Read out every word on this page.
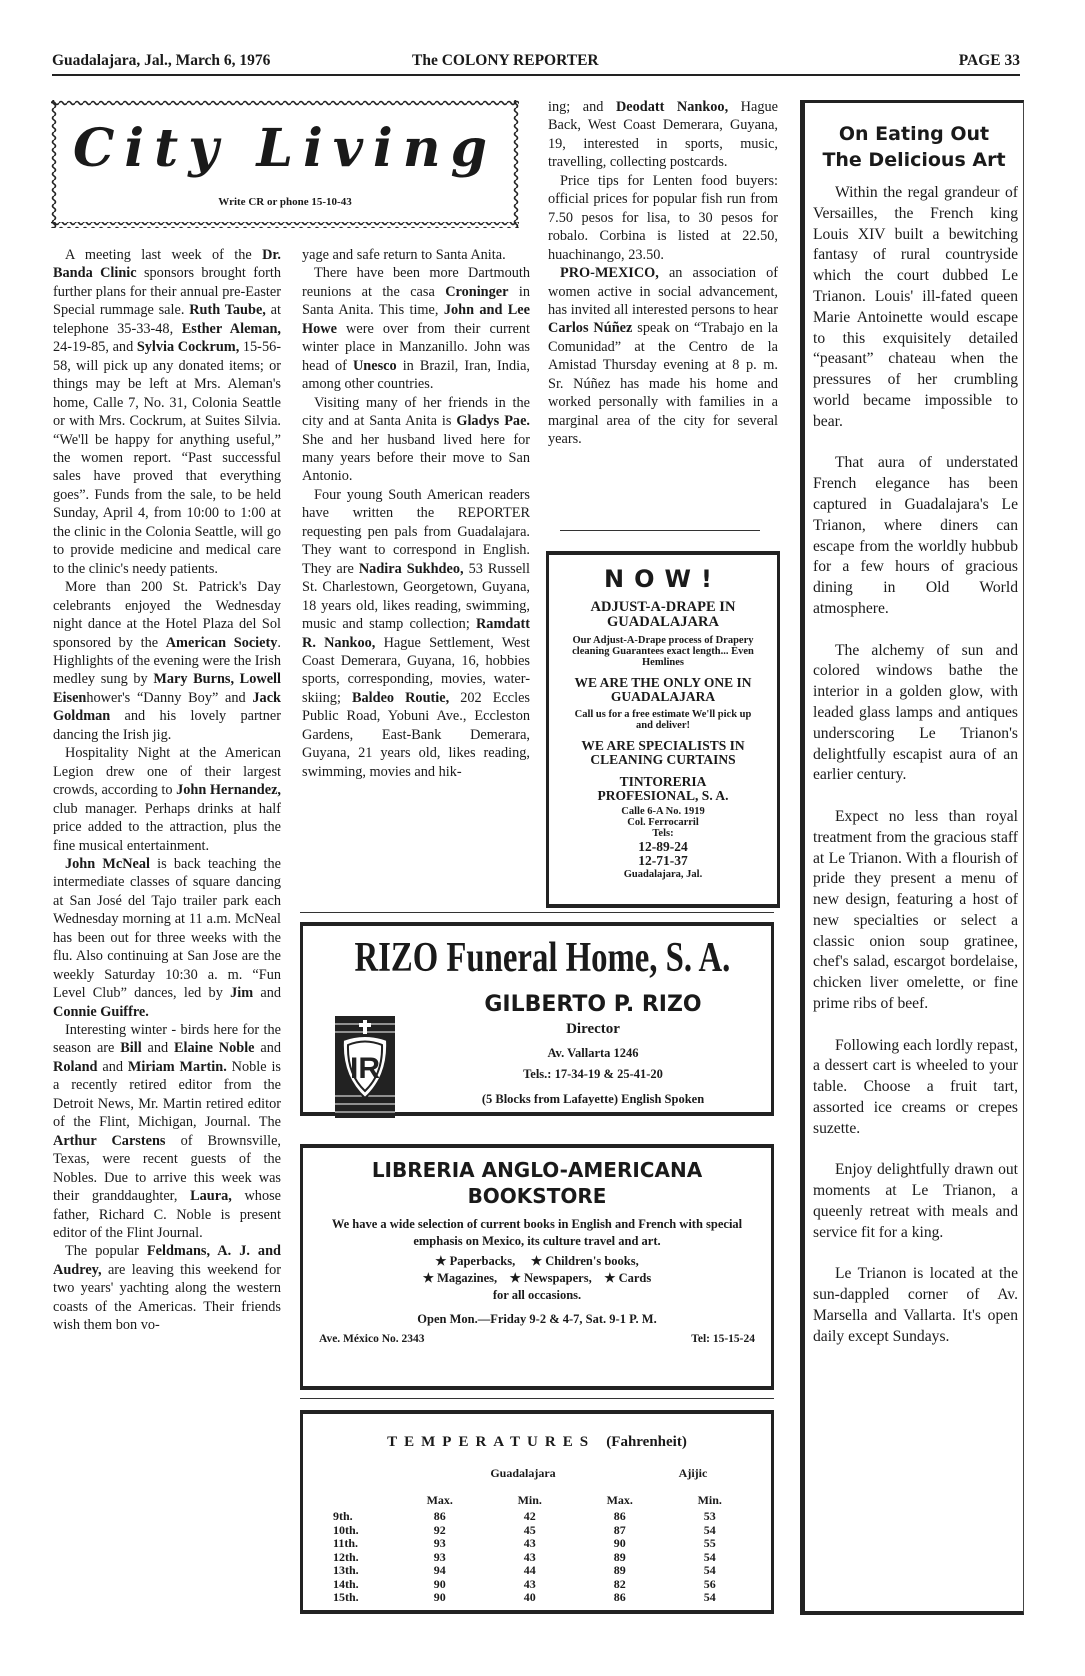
Guadalajara, Jal., March 6, 1976	The COLONY REPORTER	PAGE 33
City Living
Write CR or phone 15-10-43

A meeting last week of the Dr. Banda Clinic sponsors brought forth further plans for their annual pre-Easter Special rummage sale. Ruth Taube, at telephone 35-33-48, Esther Aleman, 24-19-85, and Sylvia Cockrum, 15-56-58, will pick up any donated items; or things may be left at Mrs. Aleman's home, Calle 7, No. 31, Colonia Seattle or with Mrs. Cockrum, at Suites Silvia. “We'll be happy for anything useful,” the women report. “Past successful sales have proved that everything goes”. Funds from the sale, to be held Sunday, April 4, from 10:00 to 1:00 at the clinic in the Colonia Seattle, will go to provide medicine and medical care to the clinic's needy patients.

More than 200 St. Patrick's Day celebrants enjoyed the Wednesday night dance at the Hotel Plaza del Sol sponsored by the American Society. Highlights of the evening were the Irish medley sung by Mary Burns, Lowell Eisenhower's “Danny Boy” and Jack Goldman and his lovely partner dancing the Irish jig.

Hospitality Night at the American Legion drew one of their largest crowds, according to John Hernandez, club manager. Perhaps drinks at half price added to the attraction, plus the fine musical entertainment.

John McNeal is back teaching the intermediate classes of square dancing at San José del Tajo trailer park each Wednesday morning at 11 a.m. McNeal has been out for three weeks with the flu. Also continuing at San Jose are the weekly Saturday 10:30 a. m. “Fun Level Club” dances, led by Jim and Connie Guiffre.

Interesting winter - birds here for the season are Bill and Elaine Noble and Roland and Miriam Martin. Noble is a recently retired editor from the Detroit News, Mr. Martin retired editor of the Flint, Michigan, Journal. The Arthur Carstens of Brownsville, Texas, were recent guests of the Nobles. Due to arrive this week was their granddaughter, Laura, whose father, Richard C. Noble is present editor of the Flint Journal.

The popular Feldmans, A. J. and Audrey, are leaving this weekend for two years' yachting along the western coasts of the Americas. Their friends wish them bon vo-

yage and safe return to Santa Anita.

There have been more Dartmouth reunions at the casa Croninger in Santa Anita. This time, John and Lee Howe were over from their current winter place in Manzanillo. John was head of Unesco in Brazil, Iran, India, among other countries.

Visiting many of her friends in the city and at Santa Anita is Gladys Pae. She and her husband lived here for many years before their move to San Antonio.

Four young South American readers have written the REPORTER requesting pen pals from Guadalajara. They want to correspond in English. They are Nadira Sukhdeo, 53 Russell St. Charlestown, Georgetown, Guyana, 18 years old, likes reading, swimming, music and stamp collection; Ramdatt R. Nankoo, Hague Settlement, West Coast Demerara, Guyana, 16, hobbies sports, corresponding, movies, water-skiing; Baldeo Routie, 202 Eccles Public Road, Yobuni Ave., Eccleston Gardens, East-Bank Demerara, Guyana, 21 years old, likes reading, swimming, movies and hik-

ing; and Deodatt Nankoo, Hague Back, West Coast Demerara, Guyana, 19, interested in sports, music, travelling, collecting postcards.

Price tips for Lenten food buyers: official prices for popular fish run from 7.50 pesos for lisa, to 30 pesos for robalo. Corbina is listed at 22.50, huachinango, 23.50.

PRO-MEXICO, an association of women active in social advancement, has invited all interested persons to hear Carlos Núñez speak on “Trabajo en la Comunidad” at the Centro de la Amistad Thursday evening at 8 p. m. Sr. Núñez has made his home and worked personally with families in a marginal area of the city for several years.

NOW!
ADJUST-A-DRAPE IN GUADALAJARA
Our Adjust-A-Drape process of Drapery cleaning Guarantees exact length... Even Hemlines
WE ARE THE ONLY ONE IN GUADALAJARA
Call us for a free estimate We'll pick up and deliver!
WE ARE SPECIALISTS IN CLEANING CURTAINS
TINTORERIA PROFESIONAL, S. A.
Calle 6-A No. 1919
Col. Ferrocarril
Tels:
12-89-24
12-71-37
Guadalajara, Jal.
RIZO Funeral Home, S. A.
IR
GILBERTO P. RIZO
Director
Av. Vallarta 1246
Tels.: 17-34-19 & 25-41-20
(5 Blocks from Lafayette) English Spoken
LIBRERIA ANGLO-AMERICANA
BOOKSTORE
We have a wide selection of current books in English and French with special emphasis on Mexico, its culture travel and art.
★ Paperbacks, ★ Children's books,
★ Magazines, ★ Newspapers, ★ Cards
for all occasions.
Open Mon.—Friday 9-2 & 4-7, Sat. 9-1 P. M.
Ave. México No. 2343	Tel: 15-15-24
TEMPERATURES (Fahrenheit)
Guadalajara	Ajijic
	Max.	Min.	Max.	Min.
9th.	86	42	86	53
10th.	92	45	87	54
11th.	93	43	90	55
12th.	93	43	89	54
13th.	94	44	89	54
14th.	90	43	82	56
15th.	90	40	86	54
On Eating Out
The Delicious Art

Within the regal grandeur of Versailles, the French king Louis XIV built a bewitching fantasy of rural countryside which the court dubbed Le Trianon. Louis' ill-fated queen Marie Antoinette would escape to this exquisitely detailed “peasant” chateau when the pressures of her crumbling world became impossible to bear.

That aura of understated French elegance has been captured in Guadalajara's Le Trianon, where diners can escape from the worldly hubbub for a few hours of gracious dining in Old World atmosphere.

The alchemy of sun and colored windows bathe the interior in a golden glow, with leaded glass lamps and antiques underscoring Le Trianon's delightfully escapist aura of an earlier century.

Expect no less than royal treatment from the gracious staff at Le Trianon. With a flourish of pride they present a menu of new design, featuring a host of new specialties or select a classic onion soup gratinee, chef's salad, escargot bordelaise, chicken liver omelette, or fine prime ribs of beef.

Following each lordly repast, a dessert cart is wheeled to your table. Choose a fruit tart, assorted ice creams or crepes suzette.

Enjoy delightfully drawn out moments at Le Trianon, a queenly retreat with meals and service fit for a king.

Le Trianon is located at the sun-dappled corner of Av. Marsella and Vallarta. It's open daily except Sundays.
